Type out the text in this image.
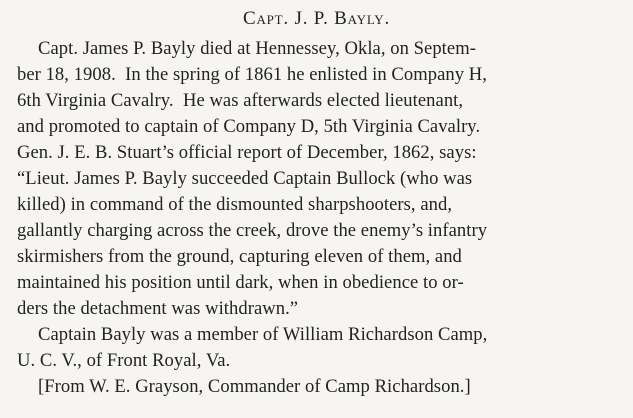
Capt. J. P. Bayly.
Capt. James P. Bayly died at Hennessey, Okla, on Septem-
ber 18, 1908.  In the spring of 1861 he enlisted in Company H,
6th Virginia Cavalry.  He was afterwards elected lieutenant,
and promoted to captain of Company D, 5th Virginia Cavalry.
Gen. J. E. B. Stuart’s official report of December, 1862, says:
“Lieut. James P. Bayly succeeded Captain Bullock (who was
killed) in command of the dismounted sharpshooters, and,
gallantly charging across the creek, drove the enemy’s infantry
skirmishers from the ground, capturing eleven of them, and
maintained his position until dark, when in obedience to or-
ders the detachment was withdrawn.”
Captain Bayly was a member of William Richardson Camp,
U. C. V., of Front Royal, Va.
[From W. E. Grayson, Commander of Camp Richardson.]
